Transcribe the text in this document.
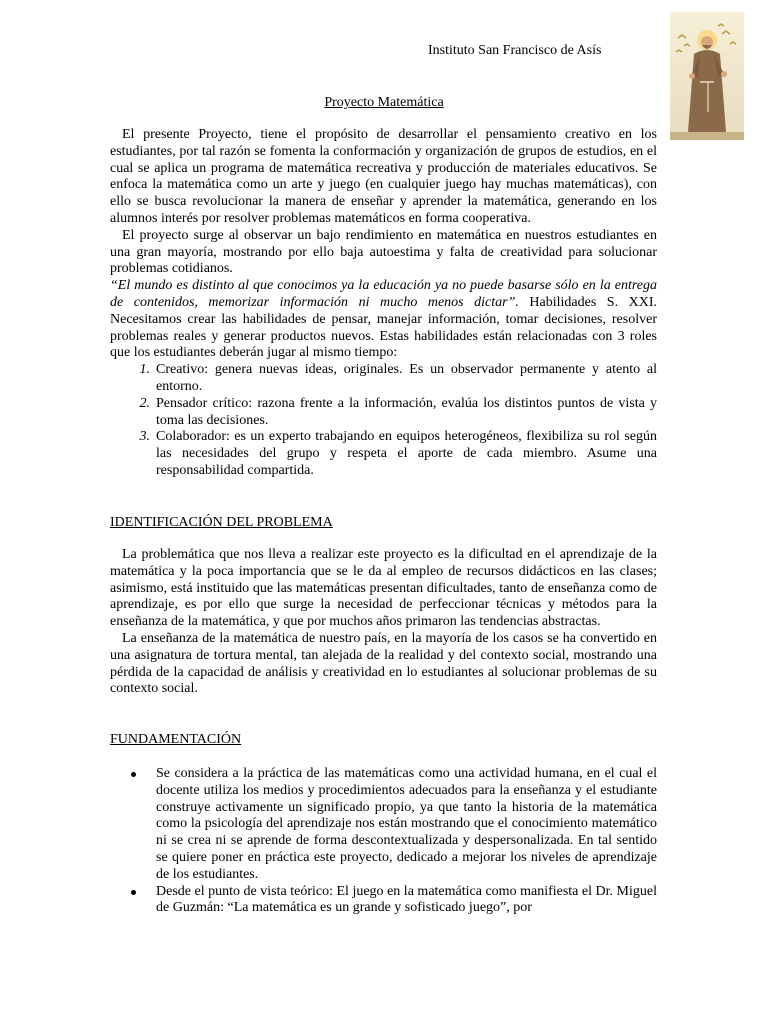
Instituto San Francisco de Asís
Proyecto Matemática

El presente Proyecto, tiene el propósito de desarrollar el pensamiento creativo en los estudiantes, por tal razón se fomenta la conformación y organización de grupos de estudios, en el cual se aplica un programa de matemática recreativa y producción de materiales educativos. Se enfoca la matemática como un arte y juego (en cualquier juego hay muchas matemáticas), con ello se busca revolucionar la manera de enseñar y aprender la matemática, generando en los alumnos interés por resolver problemas matemáticos en forma cooperativa.

El proyecto surge al observar un bajo rendimiento en matemática en nuestros estudiantes en una gran mayoría, mostrando por ello baja autoestima y falta de creatividad para solucionar problemas cotidianos.

“El mundo es distinto al que conocimos ya la educación ya no puede basarse sólo en la entrega de contenidos, memorizar información ni mucho menos dictar”. Habilidades S. XXI. Necesitamos crear las habilidades de pensar, manejar información, tomar decisiones, resolver problemas reales y generar productos nuevos. Estas habilidades están relacionadas con 3 roles que los estudiantes deberán jugar al mismo tiempo:

1. Creativo: genera nuevas ideas, originales. Es un observador permanente y atento al entorno.
2. Pensador crítico: razona frente a la información, evalúa los distintos puntos de vista y toma las decisiones.
3. Colaborador: es un experto trabajando en equipos heterogéneos, flexibiliza su rol según las necesidades del grupo y respeta el aporte de cada miembro. Asume una responsabilidad compartida.
IDENTIFICACIÓN DEL PROBLEMA

La problemática que nos lleva a realizar este proyecto es la dificultad en el aprendizaje de la matemática y la poca importancia que se le da al empleo de recursos didácticos en las clases; asimismo, está instituido que las matemáticas presentan dificultades, tanto de enseñanza como de aprendizaje, es por ello que surge la necesidad de perfeccionar técnicas y métodos para la enseñanza de la matemática, y que por muchos años primaron las tendencias abstractas.

La enseñanza de la matemática de nuestro país, en la mayoría de los casos se ha convertido en una asignatura de tortura mental, tan alejada de la realidad y del contexto social, mostrando una pérdida de la capacidad de análisis y creatividad en lo estudiantes al solucionar problemas de su contexto social.

FUNDAMENTACIÓN
Se considera a la práctica de las matemáticas como una actividad humana, en el cual el docente utiliza los medios y procedimientos adecuados para la enseñanza y el estudiante construye activamente un significado propio, ya que tanto la historia de la matemática como la psicología del aprendizaje nos están mostrando que el conocimiento matemático ni se crea ni se aprende de forma descontextualizada y despersonalizada. En tal sentido se quiere poner en práctica este proyecto, dedicado a mejorar los niveles de aprendizaje de los estudiantes.
Desde el punto de vista teórico: El juego en la matemática como manifiesta el Dr. Miguel de Guzmán: “La matemática es un grande y sofisticado juego”, por
